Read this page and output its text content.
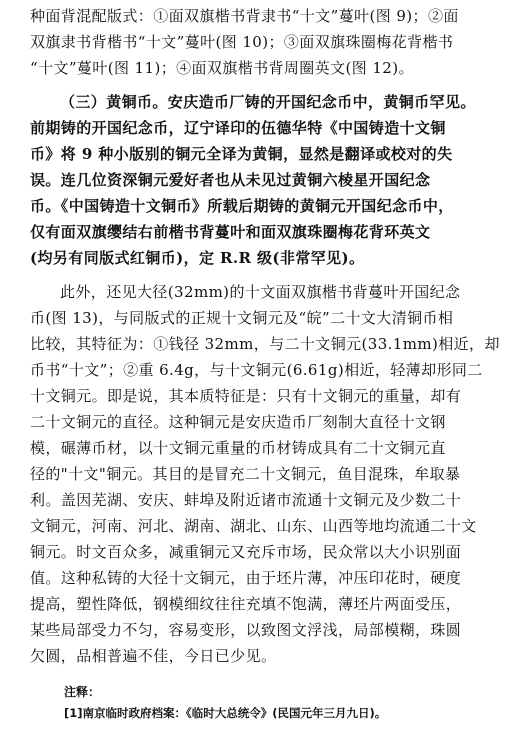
种面背混配版式：①面双旗楷书背隶书“十文”蔓叶(图 9)；②面
双旗隶书背楷书“十文”蔓叶(图 10)；③面双旗珠圈梅花背楷书
“十文”蔓叶(图 11)；④面双旗楷书背周圈英文(图 12)。
（三）黄铜币。安庆造币厂铸的开国纪念币中，黄铜币罕见。
前期铸的开国纪念币，辽宁译印的伍德华特《中国铸造十文铜
币》将 9 种小版别的铜元全译为黄铜，显然是翻译或校对的失
误。连几位资深铜元爱好者也从未见过黄铜六棱星开国纪念
币。《中国铸造十文铜币》所载后期铸的黄铜元开国纪念币中，
仅有面双旗缨结右前楷书背蔓叶和面双旗珠圈梅花背环英文
(均另有同版式红铜币)，定 R.R 级(非常罕见)。
此外，还见大径(32mm)的十文面双旗楷书背蔓叶开国纪念
币(图 13)，与同版式的正规十文铜元及“皖”二十文大清铜币相
比较，其特征为：①钱径 32mm，与二十文铜元(33.1mm)相近，却
币书“十文”；②重 6.4g，与十文铜元(6.61g)相近，轻薄却形同二
十文铜元。即是说，其本质特征是：只有十文铜元的重量，却有
二十文铜元的直径。这种铜元是安庆造币厂刻制大直径十文钢
模，碾薄币材，以十文铜元重量的币材铸成具有二十文铜元直
径的"十文"铜元。其目的是冒充二十文铜元，鱼目混珠，牟取暴
利。盖因芜湖、安庆、蚌埠及附近诸市流通十文铜元及少数二十
文铜元，河南、河北、湖南、湖北、山东、山西等地均流通二十文
铜元。时文百众多，减重铜元又充斥市场，民众常以大小识别面
值。这种私铸的大径十文铜元，由于坯片薄，冲压印花时，硬度
提高，塑性降低，钢模细纹往往充填不饱满，薄坯片两面受压，
某些局部受力不匀，容易变形，以致图文浮浅，局部模糊，珠圆
欠圆，品相普遍不佳，今日已少见。
注释：
[1]南京临时政府档案：《临时大总统令》(民国元年三月九日)。
